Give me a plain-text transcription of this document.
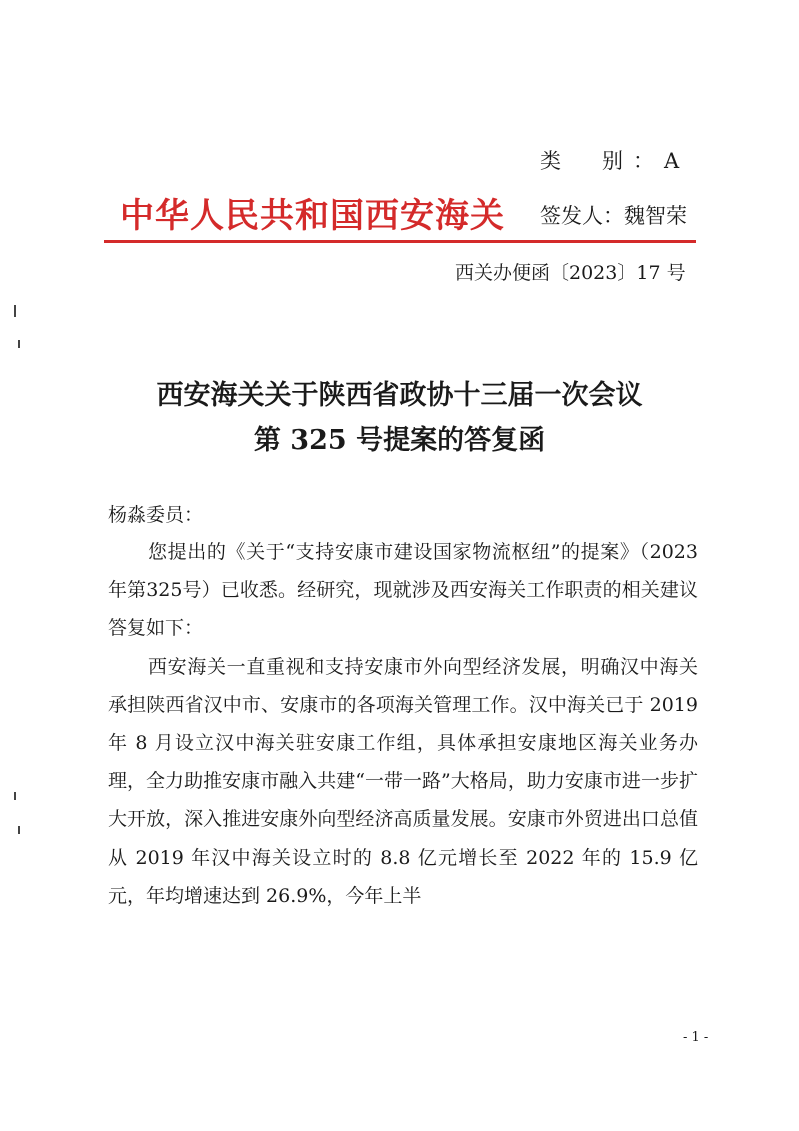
类　别：A
中华人民共和国西安海关 签发人：魏智荣
西关办便函〔2023〕17 号
西安海关关于陕西省政协十三届一次会议
第 325 号提案的答复函
杨淼委员：

您提出的《关于“支持安康市建设国家物流枢纽”的提案》（2023年第325号）已收悉。经研究，现就涉及西安海关工作职责的相关建议答复如下：

西安海关一直重视和支持安康市外向型经济发展，明确汉中海关承担陕西省汉中市、安康市的各项海关管理工作。汉中海关已于 2019 年 8 月设立汉中海关驻安康工作组，具体承担安康地区海关业务办理，全力助推安康市融入共建“一带一路”大格局，助力安康市进一步扩大开放，深入推进安康外向型经济高质量发展。安康市外贸进出口总值从 2019 年汉中海关设立时的 8.8 亿元增长至 2022 年的 15.9 亿元，年均增速达到 26.9%，今年上半

- 1 -
